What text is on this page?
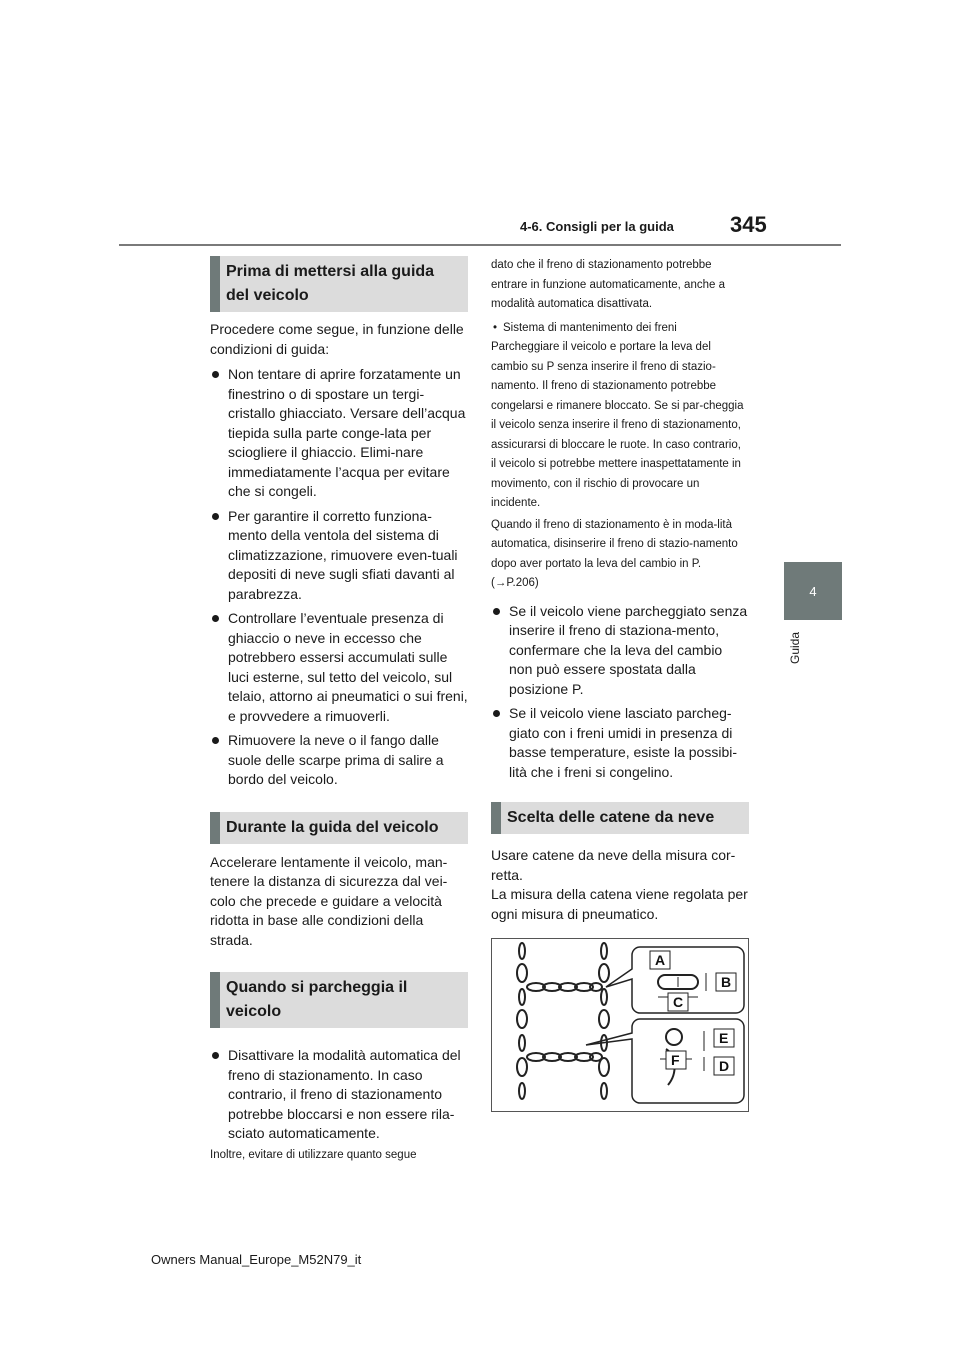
4-6. Consigli per la guida	345
4
Guida
Prima di mettersi alla guida del veicolo

Procedere come segue, in funzione delle condizioni di guida:

Non tentare di aprire forzatamente un finestrino o di spostare un tergi-cristallo ghiacciato. Versare dell’acqua tiepida sulla parte conge-lata per sciogliere il ghiaccio. Elimi-nare immediatamente l’acqua per evitare che si congeli.

Per garantire il corretto funziona-mento della ventola del sistema di climatizzazione, rimuovere even-tuali depositi di neve sugli sfiati davanti al parabrezza.

Controllare l’eventuale presenza di ghiaccio o neve in eccesso che potrebbero essersi accumulati sulle luci esterne, sul tetto del veicolo, sul telaio, attorno ai pneumatici o sui freni, e provvedere a rimuoverli.

Rimuovere la neve o il fango dalle suole delle scarpe prima di salire a bordo del veicolo.

Durante la guida del veicolo

Accelerare lentamente il veicolo, man-tenere la distanza di sicurezza dal vei-colo che precede e guidare a velocità ridotta in base alle condizioni della strada.

Quando si parcheggia il veicolo

Disattivare la modalità automatica del freno di stazionamento. In caso contrario, il freno di stazionamento potrebbe bloccarsi e non essere rila-sciato automaticamente.

Inoltre, evitare di utilizzare quanto segue

dato che il freno di stazionamento potrebbe entrare in funzione automaticamente, anche a modalità automatica disattivata.

• Sistema di mantenimento dei freni

Parcheggiare il veicolo e portare la leva del cambio su P senza inserire il freno di stazio-namento. Il freno di stazionamento potrebbe congelarsi e rimanere bloccato. Se si par-cheggia il veicolo senza inserire il freno di stazionamento, assicurarsi di bloccare le ruote. In caso contrario, il veicolo si potrebbe mettere inaspettatamente in movimento, con il rischio di provocare un incidente.

Quando il freno di stazionamento è in moda-lità automatica, disinserire il freno di stazio-namento dopo aver portato la leva del cambio in P. (→P.206)

Se il veicolo viene parcheggiato senza inserire il freno di staziona-mento, confermare che la leva del cambio non può essere spostata dalla posizione P.

Se il veicolo viene lasciato parcheg-giato con i freni umidi in presenza di basse temperature, esiste la possibi-lità che i freni si congelino.

Scelta delle catene da neve

Usare catene da neve della misura cor-retta.

La misura della catena viene regolata per ogni misura di pneumatico.

A
B
C
E
F	D
Owners Manual_Europe_M52N79_it
